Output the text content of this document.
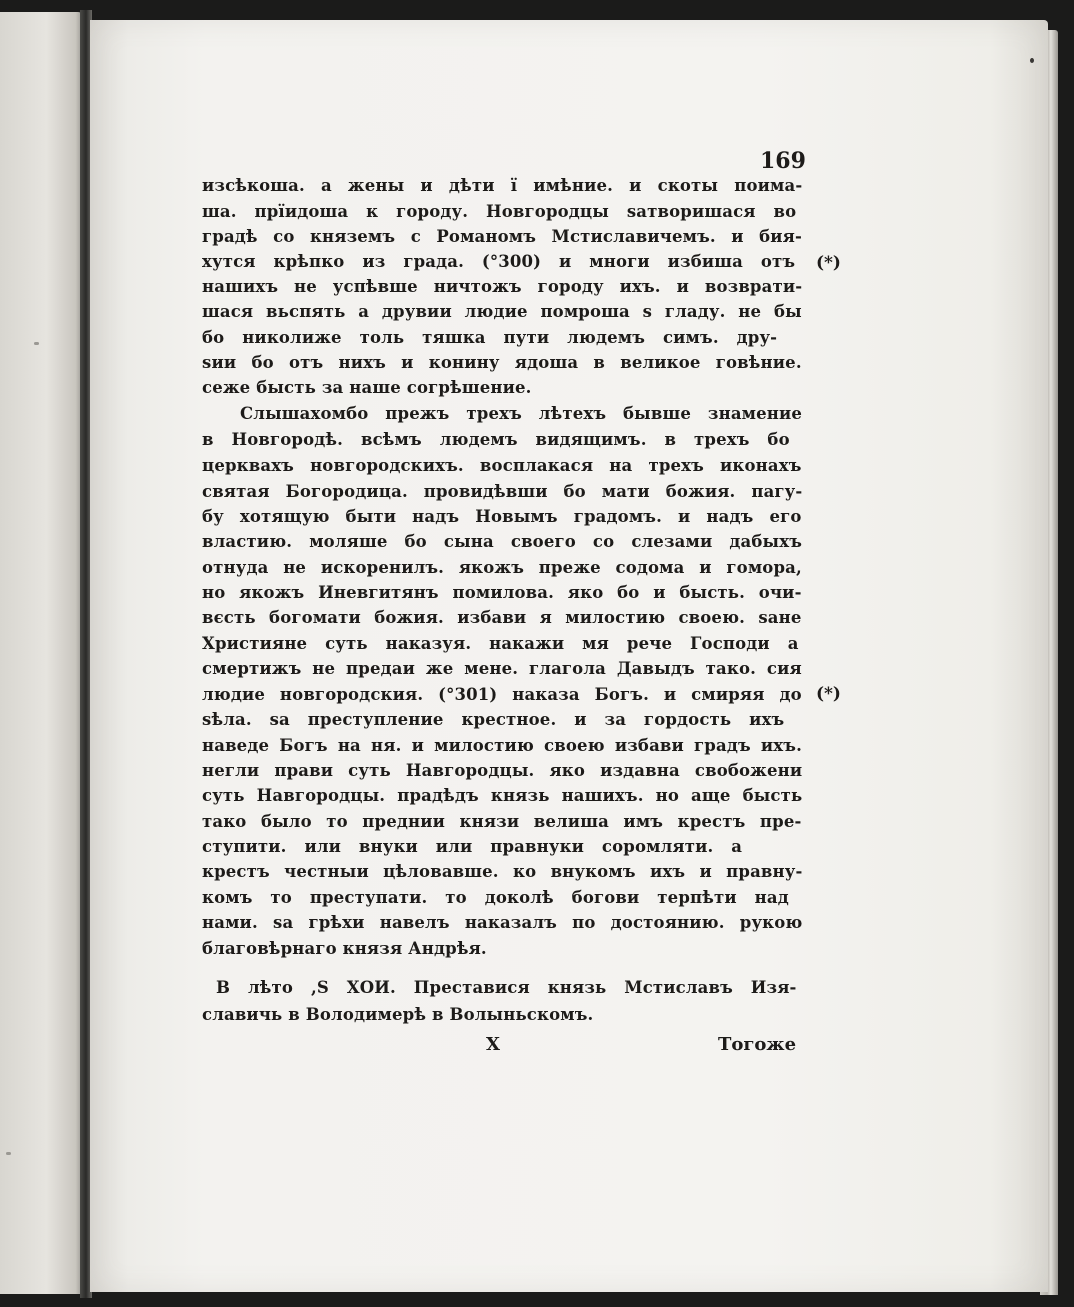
169
изсѣкоша. а жены и дѣти ї имѣние. и скоты поима-
ша. прїидоша к городу. Новгородцы ѕатворишася во
градѣ со княземъ с Романомъ Мстиславичемъ. и бия-
хутся крѣпко из града. (°300) и многи избиша отъ
нашихъ не успѣвше ничтожъ городу ихъ. и возврати-
шася вьспять а друвии людие помроша ѕ гладу. не бы
бо николиже толь тяшка пути людемъ симъ. дру-
ѕии бо отъ нихъ и конину ядоша в великое говѣние.
сеже бысть за наше согрѣшение.
Слышахомбо прежъ трехъ лѣтехъ бывше знамение
в Новгородѣ. всѣмъ людемъ видящимъ. в трехъ бо
церквахъ новгородскихъ. восплакася на трехъ иконахъ
святая Богородица. провидѣвши бо мати божия. пагу-
бу хотящую быти надъ Новымъ градомъ. и надъ его
властию. моляше бо сына своего со слезами дабыхъ
отнуда не искоренилъ. якожъ преже содома и гомора,
но якожъ Иневгитянъ помилова. яко бо и бысть. очи-
вєсть богомати божия. избави я милостию своею. ѕане
Християне суть наказуя. накажи мя рече Господи а
смертижъ не предаи же мене. глагола Давыдъ тако. сия
людие новгородския. (°301) наказа Богъ. и смиряя до
ѕѣла. ѕа преступление крестное. и за гордость ихъ
наведе Богъ на ня. и милостию своею избави градъ ихъ.
негли прави суть Навгородцы. яко издавна свобожени
суть Навгородцы. прадѣдъ князь нашихъ. но аще бысть
тако было то преднии князи велиша имъ крестъ пре-
ступити. или внуки или правнуки соромляти. а
крестъ честныи цѣловавше. ко внукомъ ихъ и правну-
комъ то преступати. то доколѣ богови терпѣти над
нами. ѕа грѣхи навелъ наказалъ по достоянию. рукою
благовѣрнаго князя Андрѣя.
В лѣто ,Ѕ ХОИ. Преставися князь Мстиславъ Изя-
славичь в Володимерѣ в Волыньскомъ.
(*)
(*)
X	Тогоже
